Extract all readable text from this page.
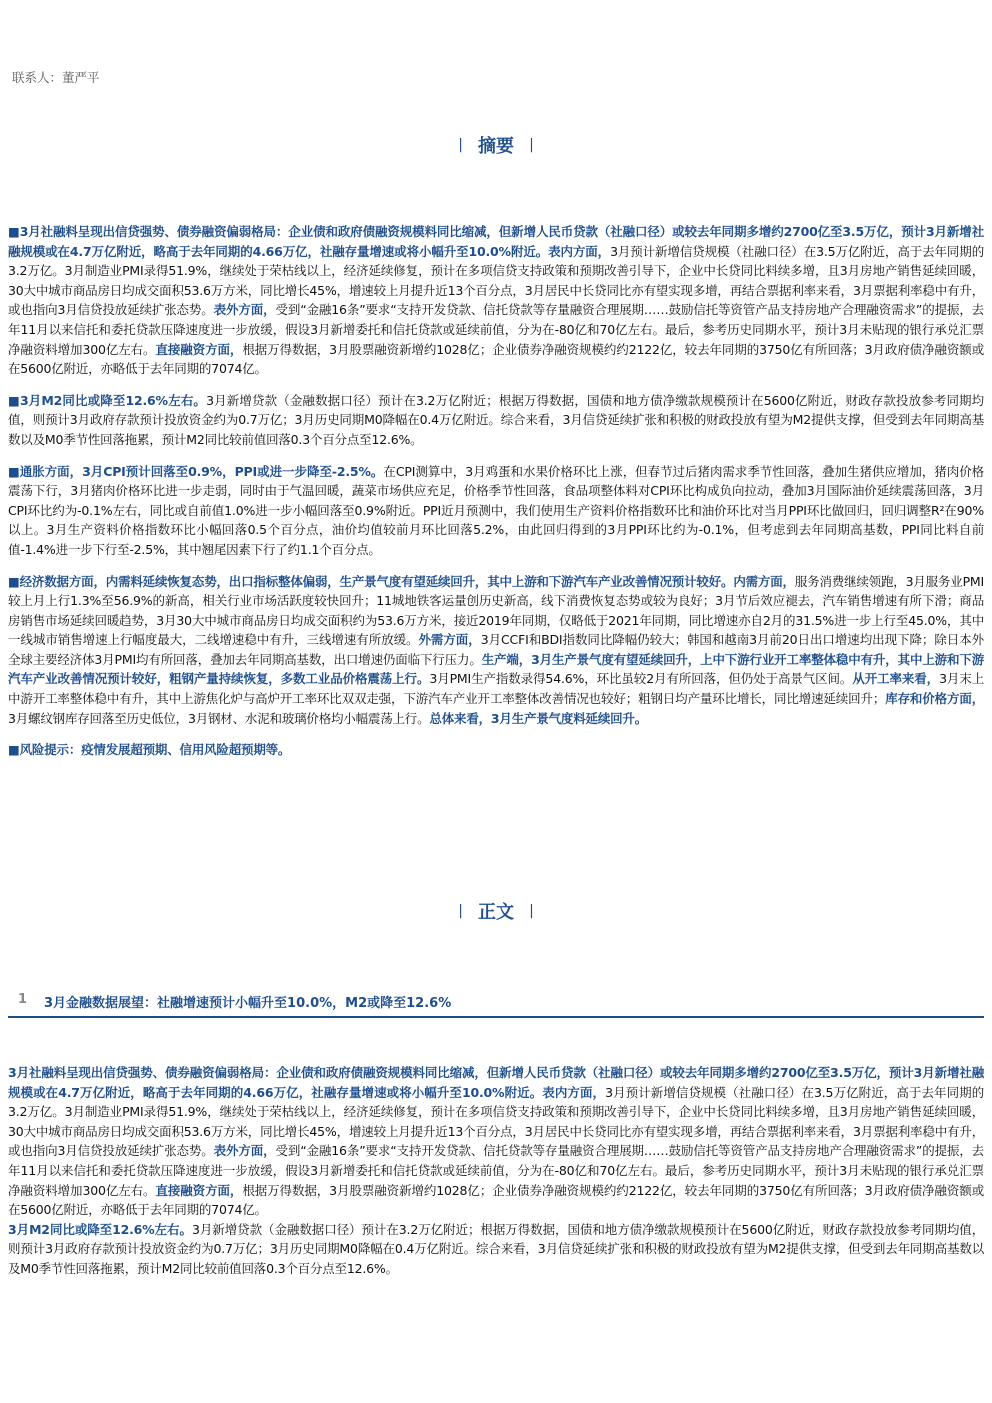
联系人：董严平
| 摘要 |

■3月社融料呈现出信贷强势、债券融资偏弱格局：企业债和政府债融资规模料同比缩减，但新增人民币贷款（社融口径）或较去年同期多增约2700亿至3.5万亿，预计3月新增社融规模或在4.7万亿附近，略高于去年同期的4.66万亿，社融存量增速或将小幅升至10.0%附近。表内方面，3月预计新增信贷规模（社融口径）在3.5万亿附近，高于去年同期的3.2万亿。3月制造业PMI录得51.9%，继续处于荣枯线以上，经济延续修复，预计在多项信贷支持政策和预期改善引导下，企业中长贷同比料续多增，且3月房地产销售延续回暖，30大中城市商品房日均成交面积53.6万方米，同比增长45%，增速较上月提升近13个百分点，3月居民中长贷同比亦有望实现多增，再结合票据利率来看，3月票据利率稳中有升，或也指向3月信贷投放延续扩张态势。表外方面，受到“金融16条”要求“支持开发贷款、信托贷款等存量融资合理展期……鼓励信托等资管产品支持房地产合理融资需求”的提振，去年11月以来信托和委托贷款压降速度进一步放缓，假设3月新增委托和信托贷款或延续前值，分为在-80亿和70亿左右。最后，参考历史同期水平，预计3月未贴现的银行承兑汇票净融资料增加300亿左右。直接融资方面，根据万得数据，3月股票融资新增约1028亿；企业债券净融资规模约约2122亿，较去年同期的3750亿有所回落；3月政府债净融资额或在5600亿附近，亦略低于去年同期的7074亿。

■3月M2同比或降至12.6%左右。3月新增贷款（金融数据口径）预计在3.2万亿附近；根据万得数据，国债和地方债净缴款规模预计在5600亿附近，财政存款投放参考同期均值，则预计3月政府存款预计投放资金约为0.7万亿；3月历史同期M0降幅在0.4万亿附近。综合来看，3月信贷延续扩张和积极的财政投放有望为M2提供支撑，但受到去年同期高基数以及M0季节性回落拖累，预计M2同比较前值回落0.3个百分点至12.6%。

■通胀方面，3月CPI预计回落至0.9%，PPI或进一步降至-2.5%。在CPI测算中，3月鸡蛋和水果价格环比上涨，但春节过后猪肉需求季节性回落，叠加生猪供应增加，猪肉价格震荡下行，3月猪肉价格环比进一步走弱，同时由于气温回暖，蔬菜市场供应充足，价格季节性回落，食品项整体料对CPI环比构成负向拉动，叠加3月国际油价延续震荡回落，3月CPI环比约为-0.1%左右，同比或自前值1.0%进一步小幅回落至0.9%附近。PPI近月预测中，我们使用生产资料价格指数环比和油价环比对当月PPI环比做回归，回归调整R²在90%以上。3月生产资料价格指数环比小幅回落0.5个百分点，油价均值较前月环比回落5.2%，由此回归得到的3月PPI环比约为-0.1%，但考虑到去年同期高基数，PPI同比料自前值-1.4%进一步下行至-2.5%，其中翘尾因素下行了约1.1个百分点。

■经济数据方面，内需料延续恢复态势，出口指标整体偏弱，生产景气度有望延续回升，其中上游和下游汽车产业改善情况预计较好。内需方面，服务消费继续领跑，3月服务业PMI较上月上行1.3%至56.9%的新高，相关行业市场活跃度较快回升；11城地铁客运量创历史新高，线下消费恢复态势或较为良好；3月节后效应褪去，汽车销售增速有所下滑；商品房销售市场延续回暖趋势，3月30大中城市商品房日均成交面积约为53.6万方米，接近2019年同期，仅略低于2021年同期，同比增速亦自2月的31.5%进一步上行至45.0%，其中一线城市销售增速上行幅度最大，二线增速稳中有升，三线增速有所放缓。外需方面，3月CCFI和BDI指数同比降幅仍较大；韩国和越南3月前20日出口增速均出现下降；除日本外全球主要经济体3月PMI均有所回落，叠加去年同期高基数，出口增速仍面临下行压力。生产端，3月生产景气度有望延续回升，上中下游行业开工率整体稳中有升，其中上游和下游汽车产业改善情况预计较好，粗钢产量持续恢复，多数工业品价格震荡上行。3月PMI生产指数录得54.6%，环比虽较2月有所回落，但仍处于高景气区间。从开工率来看，3月末上中游开工率整体稳中有升，其中上游焦化炉与高炉开工率环比双双走强，下游汽车产业开工率整体改善情况也较好；粗钢日均产量环比增长，同比增速延续回升；库存和价格方面，3月螺纹钢库存回落至历史低位，3月钢材、水泥和玻璃价格均小幅震荡上行。总体来看，3月生产景气度料延续回升。

■风险提示：疫情发展超预期、信用风险超预期等。

| 正文 |
1 3月金融数据展望：社融增速预计小幅升至10.0%，M2或降至12.6%

3月社融料呈现出信贷强势、债券融资偏弱格局：企业债和政府债融资规模料同比缩减，但新增人民币贷款（社融口径）或较去年同期多增约2700亿至3.5万亿，预计3月新增社融规模或在4.7万亿附近，略高于去年同期的4.66万亿，社融存量增速或将小幅升至10.0%附近。表内方面，3月预计新增信贷规模（社融口径）在3.5万亿附近，高于去年同期的3.2万亿。3月制造业PMI录得51.9%，继续处于荣枯线以上，经济延续修复，预计在多项信贷支持政策和预期改善引导下，企业中长贷同比料续多增，且3月房地产销售延续回暖，30大中城市商品房日均成交面积53.6万方米，同比增长45%，增速较上月提升近13个百分点，3月居民中长贷同比亦有望实现多增，再结合票据利率来看，3月票据利率稳中有升，或也指向3月信贷投放延续扩张态势。表外方面，受到“金融16条”要求“支持开发贷款、信托贷款等存量融资合理展期……鼓励信托等资管产品支持房地产合理融资需求”的提振，去年11月以来信托和委托贷款压降速度进一步放缓，假设3月新增委托和信托贷款或延续前值，分为在-80亿和70亿左右。最后，参考历史同期水平，预计3月未贴现的银行承兑汇票净融资料增加300亿左右。直接融资方面，根据万得数据，3月股票融资新增约1028亿；企业债券净融资规模约约2122亿，较去年同期的3750亿有所回落；3月政府债净融资额或在5600亿附近，亦略低于去年同期的7074亿。

3月M2同比或降至12.6%左右。3月新增贷款（金融数据口径）预计在3.2万亿附近；根据万得数据，国债和地方债净缴款规模预计在5600亿附近，财政存款投放参考同期均值，则预计3月政府存款预计投放资金约为0.7万亿；3月历史同期M0降幅在0.4万亿附近。综合来看，3月信贷延续扩张和积极的财政投放有望为M2提供支撑，但受到去年同期高基数以及M0季节性回落拖累，预计M2同比较前值回落0.3个百分点至12.6%。
